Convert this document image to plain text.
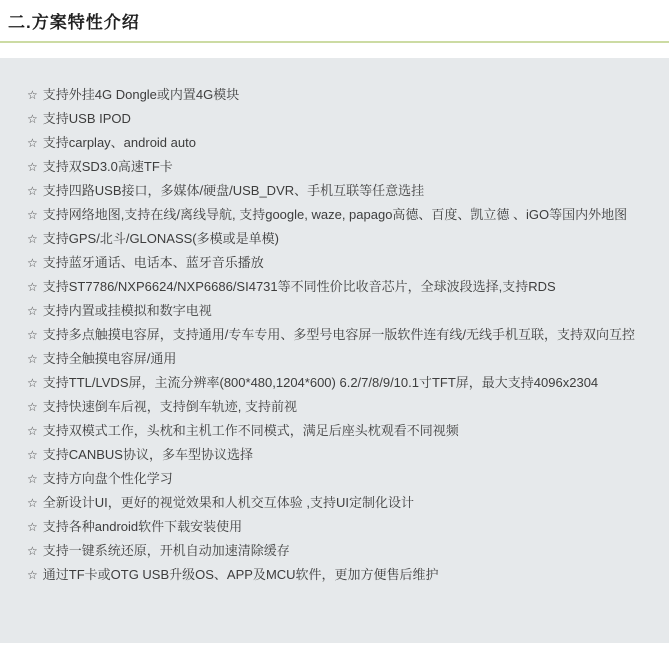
二.方案特性介绍
☆ 支持外挂4G Dongle或内置4G模块
☆ 支持USB IPOD
☆ 支持carplay、android auto
☆ 支持双SD3.0高速TF卡
☆ 支持四路USB接口，多媒体/硬盘/USB_DVR、手机互联等任意选挂
☆ 支持网络地图,支持在线/离线导航, 支持google, waze, papago高德、百度、凯立德 、iGO等国内外地图
☆ 支持GPS/北斗/GLONASS(多模或是单模)
☆ 支持蓝牙通话、电话本、蓝牙音乐播放
☆ 支持ST7786/NXP6624/NXP6686/SI4731等不同性价比收音芯片，全球波段选择,支持RDS
☆ 支持内置或挂模拟和数字电视
☆ 支持多点触摸电容屏，支持通用/专车专用、多型号电容屏一版软件连有线/无线手机互联，支持双向互控
☆ 支持全触摸电容屏/通用
☆ 支持TTL/LVDS屏，主流分辨率(800*480,1204*600) 6.2/7/8/9/10.1寸TFT屏，最大支持4096x2304
☆ 支持快速倒车后视，支持倒车轨迹, 支持前视
☆ 支持双模式工作，头枕和主机工作不同模式，满足后座头枕观看不同视频
☆ 支持CANBUS协议，多车型协议选择
☆ 支持方向盘个性化学习
☆ 全新设计UI，更好的视觉效果和人机交互体验 ,支持UI定制化设计
☆ 支持各种android软件下载安装使用
☆ 支持一键系统还原，开机自动加速清除缓存
☆ 通过TF卡或OTG USB升级OS、APP及MCU软件，更加方便售后维护
